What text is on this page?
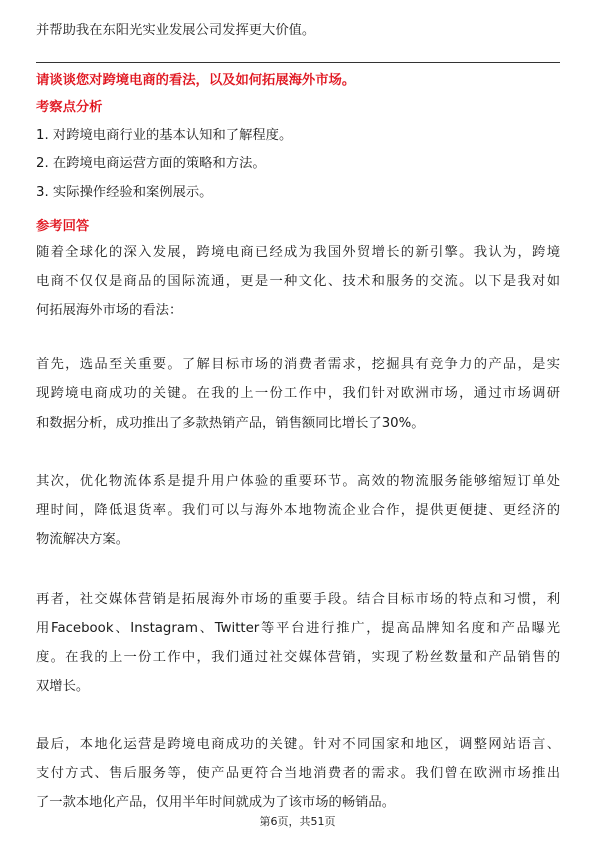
并帮助我在东阳光实业发展公司发挥更大价值。
请谈谈您对跨境电商的看法，以及如何拓展海外市场。
考察点分析
1. 对跨境电商行业的基本认知和了解程度。
2. 在跨境电商运营方面的策略和方法。
3. 实际操作经验和案例展示。
参考回答
随着全球化的深入发展，跨境电商已经成为我国外贸增长的新引擎。我认为，跨境
电商不仅仅是商品的国际流通，更是一种文化、技术和服务的交流。以下是我对如
何拓展海外市场的看法：
首先，选品至关重要。了解目标市场的消费者需求，挖掘具有竞争力的产品，是实
现跨境电商成功的关键。在我的上一份工作中，我们针对欧洲市场，通过市场调研
和数据分析，成功推出了多款热销产品，销售额同比增长了30%。
其次，优化物流体系是提升用户体验的重要环节。高效的物流服务能够缩短订单处
理时间，降低退货率。我们可以与海外本地物流企业合作，提供更便捷、更经济的
物流解决方案。
再者，社交媒体营销是拓展海外市场的重要手段。结合目标市场的特点和习惯，利
用Facebook、Instagram、Twitter等平台进行推广，提高品牌知名度和产品曝光
度。在我的上一份工作中，我们通过社交媒体营销，实现了粉丝数量和产品销售的
双增长。
最后，本地化运营是跨境电商成功的关键。针对不同国家和地区，调整网站语言、
支付方式、售后服务等，使产品更符合当地消费者的需求。我们曾在欧洲市场推出
了一款本地化产品，仅用半年时间就成为了该市场的畅销品。
第6页，共51页
